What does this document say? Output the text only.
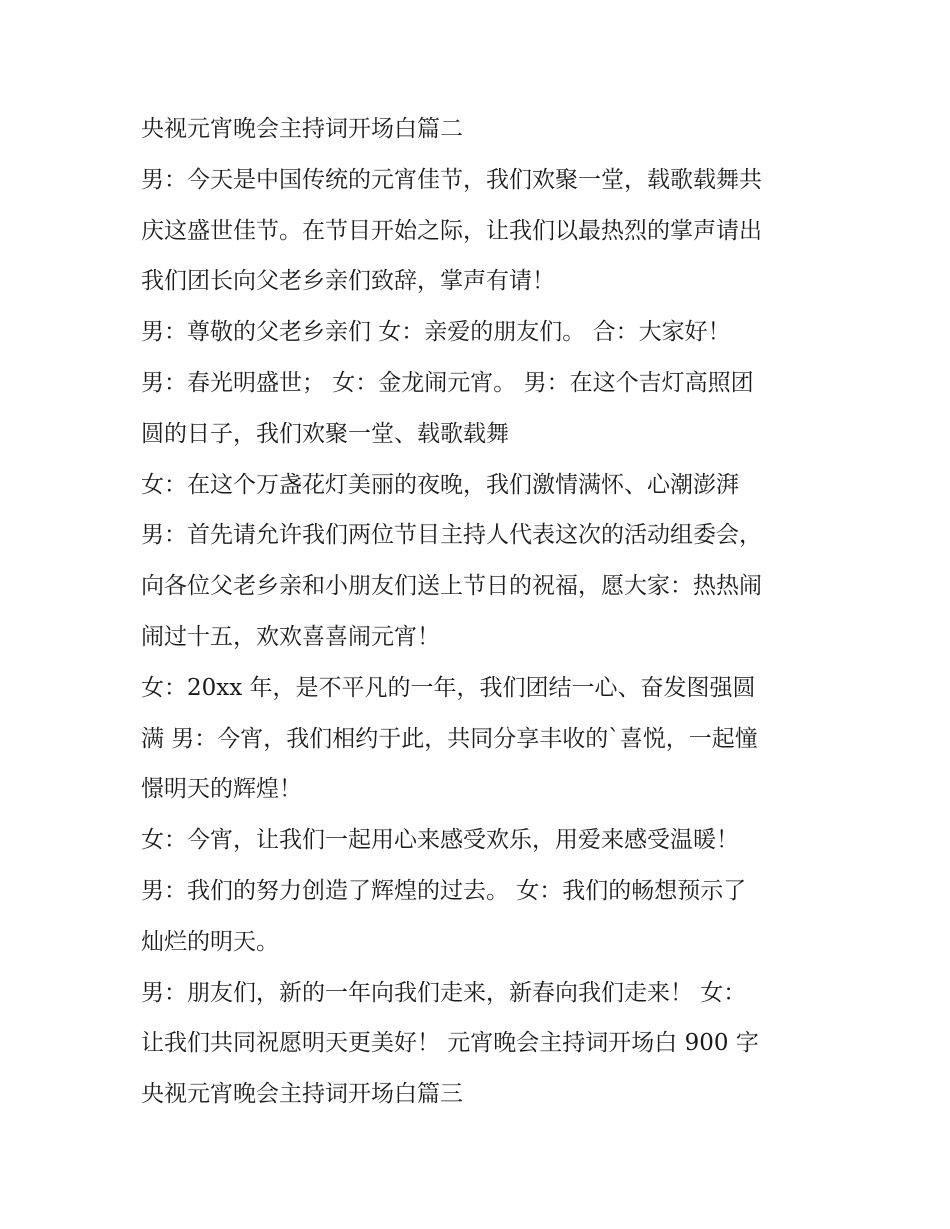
央视元宵晚会主持词开场白篇二
男：今天是中国传统的元宵佳节，我们欢聚一堂，载歌载舞共
庆这盛世佳节。在节目开始之际，让我们以最热烈的掌声请出
我们团长向父老乡亲们致辞，掌声有请！
男：尊敬的父老乡亲们 女：亲爱的朋友们。 合：大家好！
男：春光明盛世； 女：金龙闹元宵。 男：在这个吉灯高照团
圆的日子，我们欢聚一堂、载歌载舞
女：在这个万盏花灯美丽的夜晚，我们激情满怀、心潮澎湃
男：首先请允许我们两位节目主持人代表这次的活动组委会，
向各位父老乡亲和小朋友们送上节日的祝福，愿大家：热热闹
闹过十五，欢欢喜喜闹元宵！
女：20xx 年，是不平凡的一年，我们团结一心、奋发图强圆
满 男：今宵，我们相约于此，共同分享丰收的`喜悦，一起憧
憬明天的辉煌！
女：今宵，让我们一起用心来感受欢乐，用爱来感受温暖！
男：我们的努力创造了辉煌的过去。 女：我们的畅想预示了
灿烂的明天。
男：朋友们，新的一年向我们走来，新春向我们走来！ 女：
让我们共同祝愿明天更美好！ 元宵晚会主持词开场白 900 字
央视元宵晚会主持词开场白篇三
